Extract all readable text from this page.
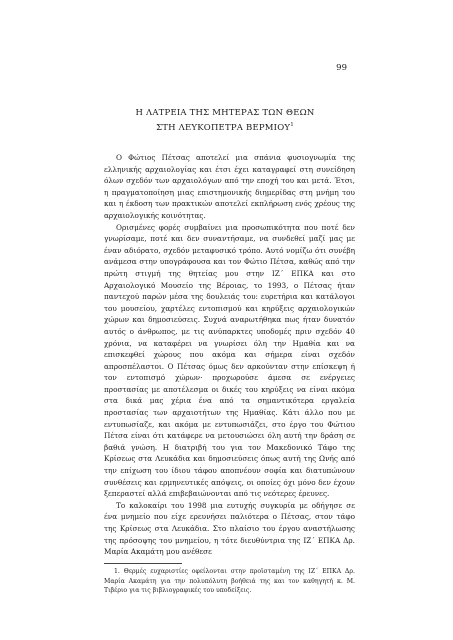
99
Η ΛΑΤΡΕΙΑ ΤΗΣ ΜΗΤΕΡΑΣ ΤΩΝ ΘΕΩΝ
ΣΤΗ ΛΕΥΚΟΠΕΤΡΑ ΒΕΡΜΙΟΥ$^1$

Ο Φώτιος Πέτσας αποτελεί μια σπάνια φυσιογνωμία της ελληνικής αρχαιολογίας και έτσι έχει καταγραφεί στη συνείδηση όλων σχεδόν των αρχαιολόγων από την εποχή του και μετά. Έτσι, η πραγματοποίηση μιας επιστημονικής διημερίδας στη μνήμη του και η έκδοση των πρακτικών αποτελεί εκπλήρωση ενός χρέους της αρχαιολογικής κοινότητας.

Ορισμένες φορές συμβαίνει μια προσωπικότητα που ποτέ δεν γνωρίσαμε, ποτέ και δεν συναντήσαμε, να συνδεθεί μαζί μας με έναν αδιόρατο, σχεδόν μεταφυσικό τρόπο. Αυτό νομίζω ότι συνέβη ανάμεσα στην υπογράφουσα και τον Φώτιο Πέτσα, καθώς από την πρώτη στιγμή της θητείας μου στην ΙΖ΄ ΕΠΚΑ και στο Αρχαιολογικό Μουσείο της Βέροιας, το 1993, ο Πέτσας ήταν παντεχού παρών μέσα της δουλειάς του: ευρετήρια και κατάλογοι του μουσείου, χαρτέλες εντοπισμού και κηρύξεις αρχαιολογικών χώρων και δημοσιεύσεις. Συχνά αναρωτήθηκα πως ήταν δυνατόν αυτός ο άνθρωπος, με τις ανύπαρκτες υποδομές πριν σχεδόν 40 χρόνια, να καταφέρει να γνωρίσει όλη την Ημαθία και να επισκεφθεί χώρους που ακόμα και σήμερα είναι σχεδόν απροσπέλαστοι. Ο Πέτσας όμως δεν αρκούνταν στην επίσκεψη ή τον εντοπισμό χώρων· προχωρούσε άμεσα σε ενέργειες προστασίας με αποτέλεσμα οι δικές του κηρύξεις να είναι ακόμα στα δικά μας χέρια ένα από τα σημαντικότερα εργαλεία προστασίας των αρχαιοτήτων της Ημαθίας. Κάτι άλλο που με εντυπωσίαζε, και ακόμα με εντυπωσιάζει, στο έργο του Φώτιου Πέτσα είναι ότι κατάφερε να μετουσιώσει όλη αυτή την δράση σε βαθιά γνώση. Η διατριβή του για τον Μακεδονικό Τάφο της Κρίσεως στα Λευκάδια και δημοσιεύσεις όπως αυτή της Ωνής από την επίχωση του ίδιου τάφου αποπνέουν σοφία και διατυπώνουν συνθέσεις και ερμηνευτικές απόψεις, οι οποίες όχι μόνο δεν έχουν ξεπεραστεί αλλά επιβεβαιώνονται από τις νεότερες έρευνες.

Το καλοκαίρι του 1998 μια ευτυχής συγκυρία με οδήγησε σε ένα μνημείο που είχε ερευνήσει παλιότερα ο Πέτσας, στον τάφο της Κρίσεως στα Λευκάδια. Στο πλαίσιο του έργου αναστήλωσης της πρόσοψης του μνημείου, η τότε διευθύντρια της ΙΖ΄ ΕΠΚΑ Δρ. Μαρία Ακαμάτη μου ανέθεσε

1. Θερμές ευχαριστίες οφείλονται στην προϊσταμένη της ΙΖ΄ ΕΠΚΑ Δρ. Μαρία Ακαμάτη για την πολυπόλυτη βοήθειά της και τον καθηγητή κ. Μ. Τιβέριο για τις βιβλιογραφικές του υποδείξεις.
